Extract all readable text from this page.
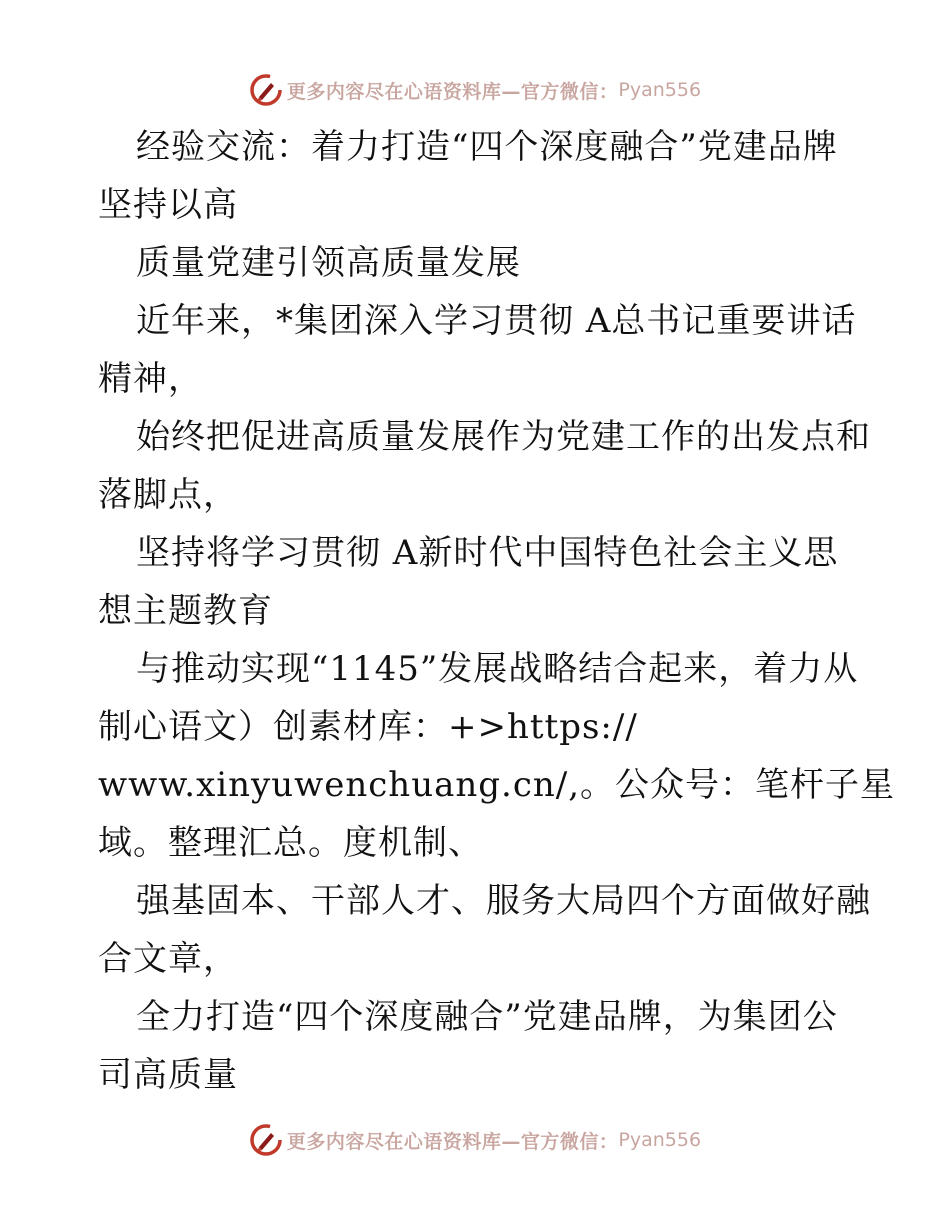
更多内容尽在心语资料库—官方微信： Pyan556
经验交流：着力打造“四个深度融合”党建品牌
坚持以高
质量党建引领高质量发展
近年来，*集团深入学习贯彻 A总书记重要讲话
精神，
始终把促进高质量发展作为党建工作的出发点和
落脚点，
坚持将学习贯彻 A新时代中国特色社会主义思
想主题教育
与推动实现“1145”发展战略结合起来，着力从
制心语文）创素材库：+>https://
www.xinyuwenchuang.cn/,。公众号：笔杆子星
域。整理汇总。度机制、
强基固本、干部人才、服务大局四个方面做好融
合文章，
全力打造“四个深度融合”党建品牌，为集团公
司高质量
更多内容尽在心语资料库—官方微信： Pyan556
